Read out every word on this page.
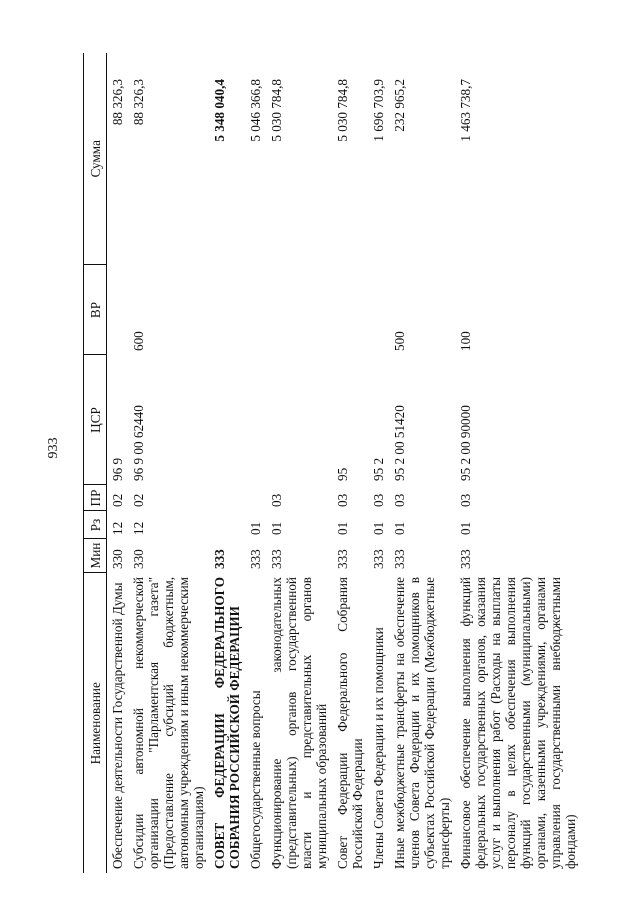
933
Наименование	Мин	Рз	ПР	ЦСР	ВР	Сумма
Обеспечение деятельности Государственной Думы	330	12	02	96 9		88 326,3
Субсидии автономной некоммерческой организации "Парламентская газета" (Предоставление субсидий бюджетным, автономным учреждениям и иным некоммерческим организациям)	330	12	02	96 9 00 62440	600	88 326,3
СОВЕТ ФЕДЕРАЦИИ ФЕДЕРАЛЬНОГО СОБРАНИЯ РОССИЙСКОЙ ФЕДЕРАЦИИ	333					5 348 040,4
Общегосударственные вопросы	333	01				5 046 366,8
Функционирование законодательных (представительных) органов государственной власти и представительных органов муниципальных образований	333	01	03			5 030 784,8
Совет Федерации Федерального Собрания Российской Федерации	333	01	03	95		5 030 784,8
Члены Совета Федерации и их помощники	333	01	03	95 2		1 696 703,9
Иные межбюджетные трансферты на обеспечение членов Совета Федерации и их помощников в субъектах Российской Федерации (Межбюджетные трансферты)	333	01	03	95 2 00 51420	500	232 965,2
Финансовое обеспечение выполнения функций федеральных государственных органов, оказания услуг и выполнения работ (Расходы на выплаты персоналу в целях обеспечения выполнения функций государственными (муниципальными) органами, казенными учреждениями, органами управления государственными внебюджетными фондами)	333	01	03	95 2 00 90000	100	1 463 738,7
